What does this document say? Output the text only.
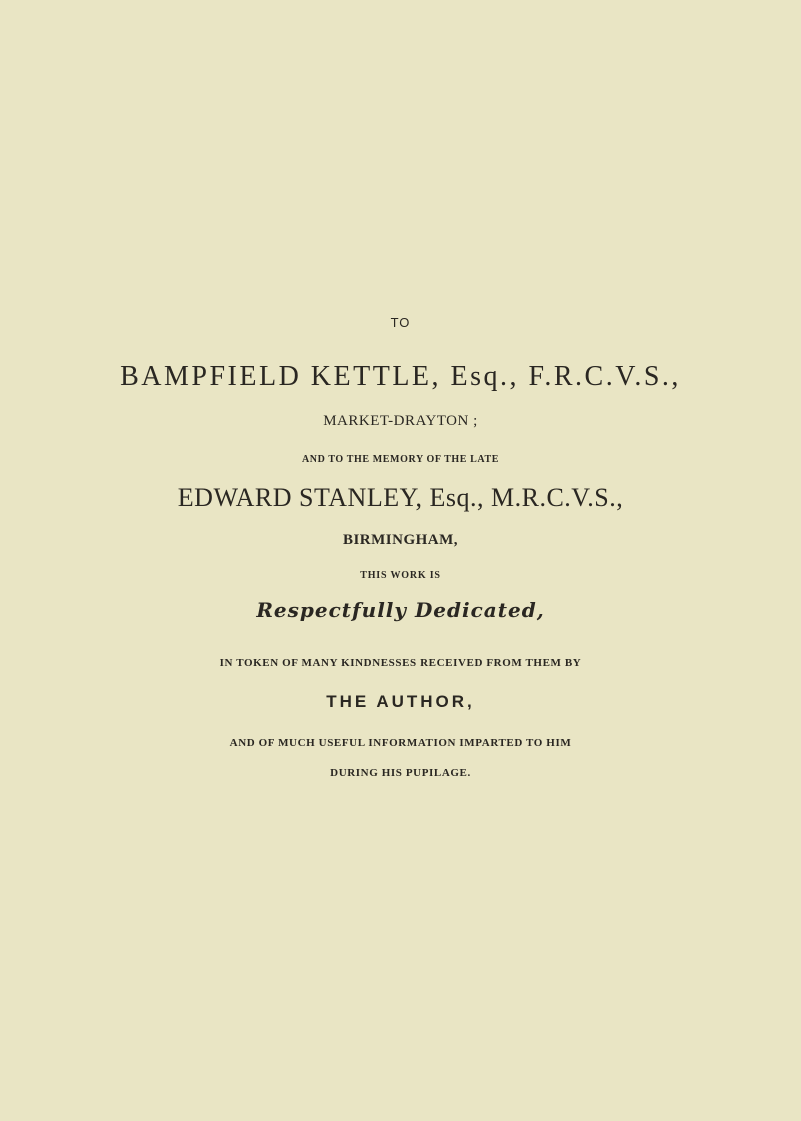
TO
BAMPFIELD KETTLE, Esq., F.R.C.V.S.,
MARKET-DRAYTON ;
AND TO THE MEMORY OF THE LATE
EDWARD STANLEY, Esq., M.R.C.V.S.,
BIRMINGHAM,
THIS WORK IS
Respectfully Dedicated,
IN TOKEN OF MANY KINDNESSES RECEIVED FROM THEM BY
THE AUTHOR,
AND OF MUCH USEFUL INFORMATION IMPARTED TO HIM
DURING HIS PUPILAGE.
